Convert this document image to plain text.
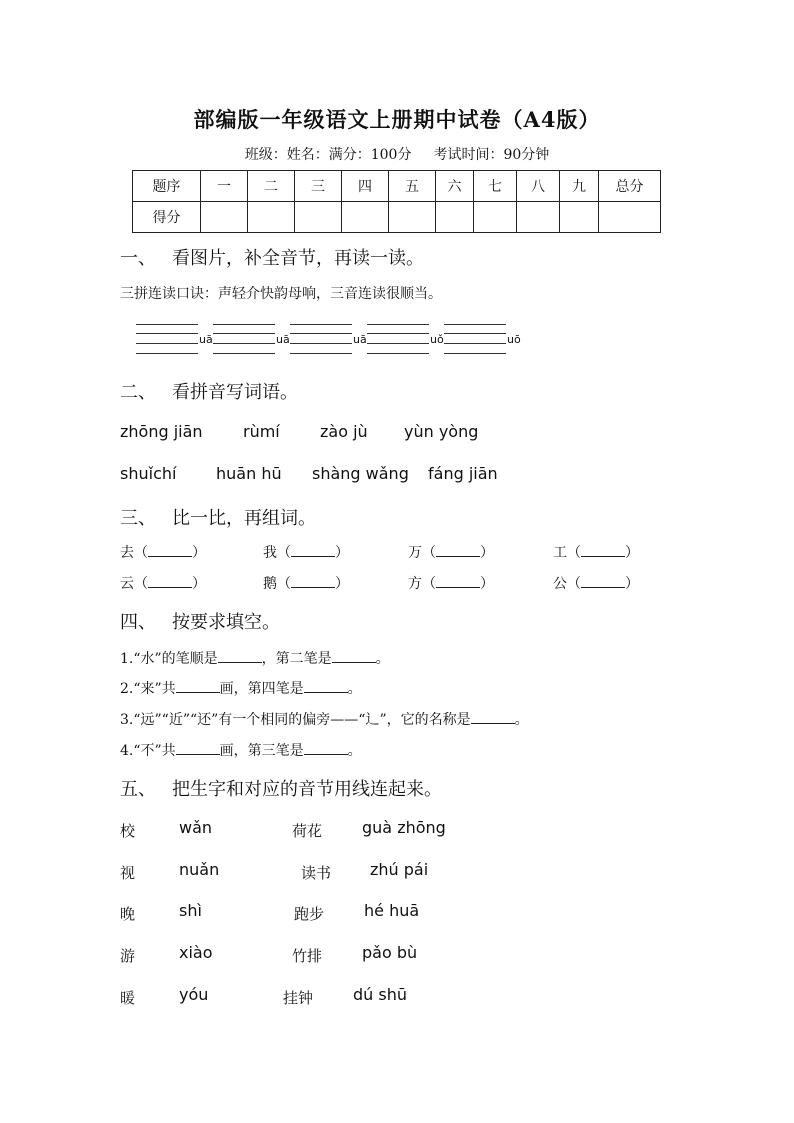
部编版一年级语文上册期中试卷（A4版）
班级：姓名：满分：100分 考试时间：90分钟
题序	一	二	三	四	五	六	七	八	九	总分
得分										
一、 看图片，补全音节，再读一读。
三拼连读口诀：声轻介快韵母响，三音连读很顺当。
uā	uā	uā	uǒ	uō
二、 看拼音写词语。
zhōng jiān	rùmí	zào jù yùn yòng
shuǐchí huān hū shàng wǎng fáng jiān
三、 比一比，再组词。
去（	）	我（	）	万（	）	工（	）
云（	）	鹅（	）	方（	）	公（	）
四、 按要求填空。
1.“水”的笔顺是	，第二笔是	。
2.“来”共	画，第四笔是	。
3.“远”“近”“还”有一个相同的偏旁——“辶”，它的名称是	。
4.“不”共	画，第三笔是	。
五、 把生字和对应的音节用线连起来。
校	wǎn	荷花 guà zhōng
视	nuǎn	读书 zhú pái
晚	shì	跑步 hé huā
游	xiào	竹排 pǎo bù
暖	yóu	挂钟 dú shū
